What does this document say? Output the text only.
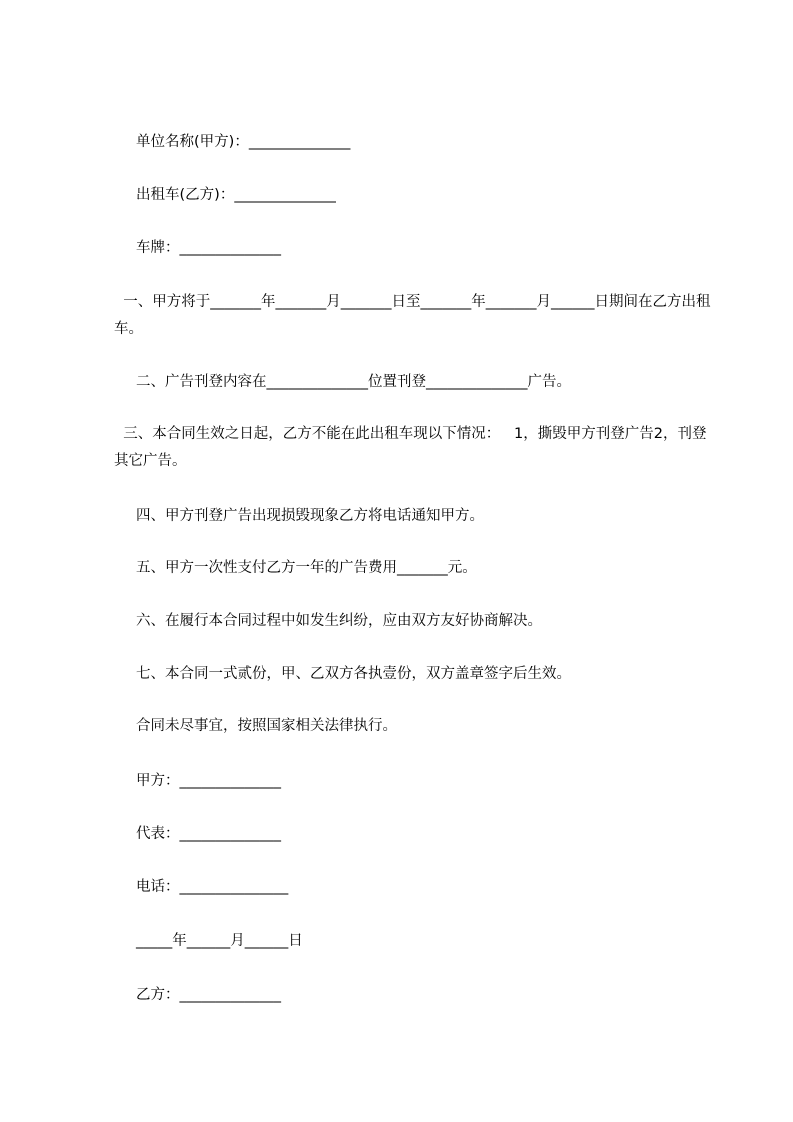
单位名称(甲方)：______________
出租车(乙方)：______________
车牌：______________
一、甲方将于_______年_______月_______日至_______年_______月______日期间在乙方出租车。
二、广告刊登内容在______________位置刊登______________广告。
三、本合同生效之日起，乙方不能在此出租车现以下情况：   1，撕毁甲方刊登广告2，刊登其它广告。
四、甲方刊登广告出现损毁现象乙方将电话通知甲方。
五、甲方一次性支付乙方一年的广告费用_______元。
六、在履行本合同过程中如发生纠纷，应由双方友好协商解决。
七、本合同一式贰份，甲、乙双方各执壹份，双方盖章签字后生效。
合同未尽事宜，按照国家相关法律执行。
甲方：______________
代表：______________
电话：_______________
_____年______月______日
乙方：______________
